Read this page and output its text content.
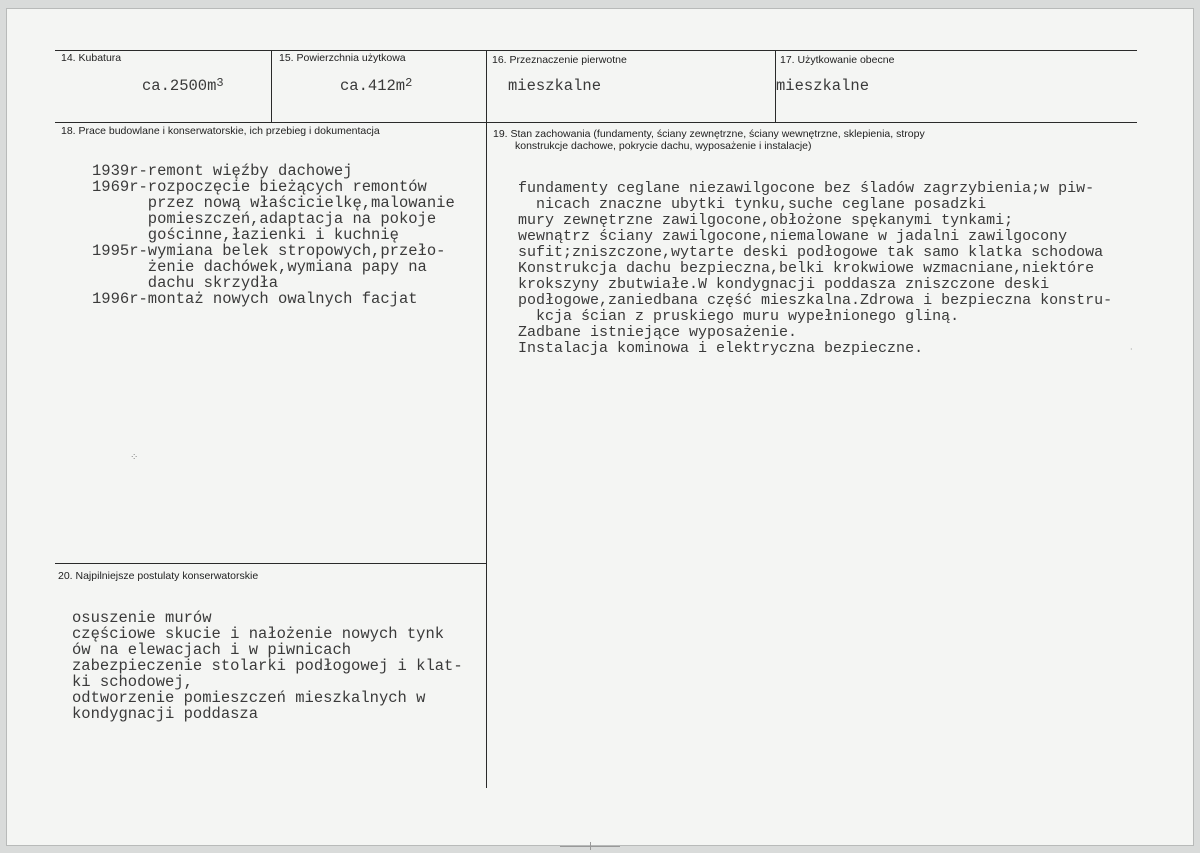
14. Kubatura
$ca.2500m^3$
15. Powierzchnia użytkowa
$ca.412m^2$
16. Przeznaczenie pierwotne
mieszkalne
17. Użytkowanie obecne
mieszkalne
18. Prace budowlane i konserwatorskie, ich przebieg i dokumentacja

1939r-remont więźby dachowej
1969r-rozpoczęcie bieżących remontów
przez nową właścicielkę,malowanie
pomieszczeń,adaptacja na pokoje
gościnne,łazienki i kuchnię
1995r-wymiana belek stropowych,przeło-
żenie dachówek,wymiana papy na
dachu skrzydła
1996r-montaż nowych owalnych facjat

19. Stan zachowania (fundamenty, ściany zewnętrzne, ściany wewnętrzne, sklepienia, stropy
konstrukcje dachowe, pokrycie dachu, wyposażenie i instalacje)

fundamenty ceglane niezawilgocone bez śladów zagrzybienia;w piw-
nicach znaczne ubytki tynku,suche ceglane posadzki
mury zewnętrzne zawilgocone,obłożone spękanymi tynkami;
wewnątrz ściany zawilgocone,niemalowane w jadalni zawilgocony
sufit;zniszczone,wytarte deski podłogowe tak samo klatka schodowa
Konstrukcja dachu bezpieczna,belki krokwiowe wzmacniane,niektóre
krokszyny zbutwiałe.W kondygnacji poddasza zniszczone deski
podłogowe,zaniedbana część mieszkalna.Zdrowa i bezpieczna konstru-
kcja ścian z pruskiego muru wypełnionego gliną.
Zadbane istniejące wyposażenie.
Instalacja kominowa i elektryczna bezpieczne.

20. Najpilniejsze postulaty konserwatorskie

osuszenie murów
częściowe skucie i nałożenie nowych tynk
ów na elewacjach i w piwnicach
zabezpieczenie stolarki podłogowej i klat-
ki schodowej,
odtworzenie pomieszczeń mieszkalnych w
kondygnacji poddasza

⁘
·
